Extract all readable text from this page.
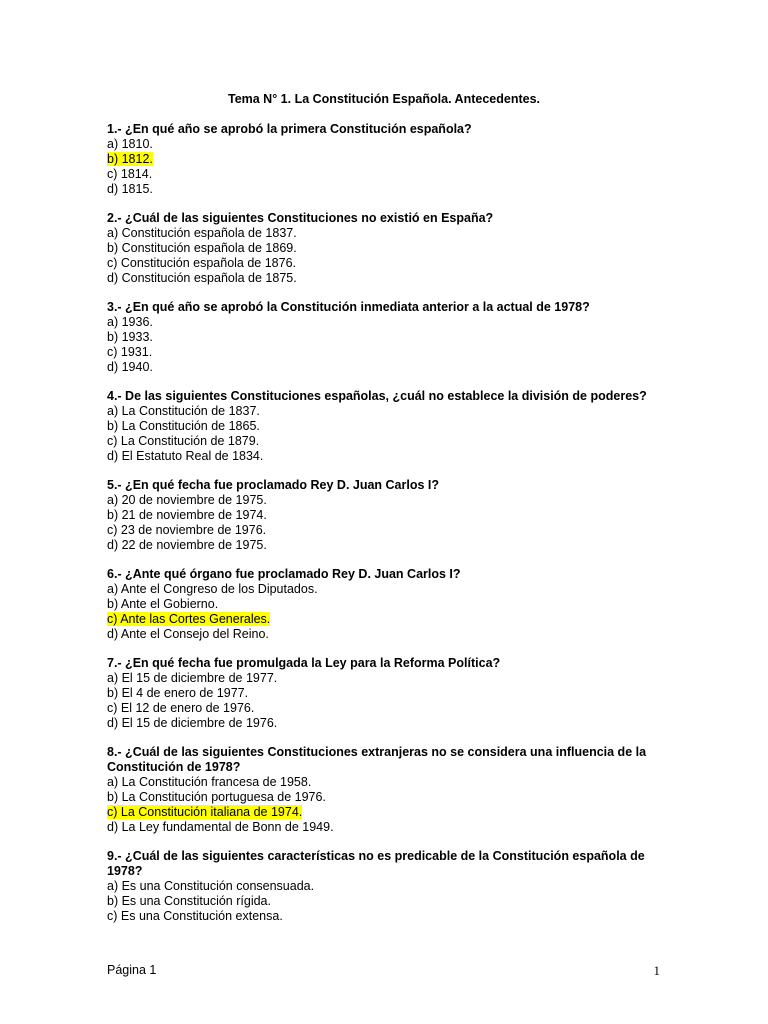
Tema N° 1. La Constitución Española. Antecedentes.
1.- ¿En qué año se aprobó la primera Constitución española?
a) 1810.
b) 1812.
c) 1814.
d) 1815.
2.- ¿Cuál de las siguientes Constituciones no existió en España?
a) Constitución española de 1837.
b) Constitución española de 1869.
c) Constitución española de 1876.
d) Constitución española de 1875.
3.- ¿En qué año se aprobó la Constitución inmediata anterior a la actual de 1978?
a) 1936.
b) 1933.
c) 1931.
d) 1940.
4.- De las siguientes Constituciones españolas, ¿cuál no establece la división de poderes?
a) La Constitución de 1837.
b) La Constitución de 1865.
c) La Constitución de 1879.
d) El Estatuto Real de 1834.
5.- ¿En qué fecha fue proclamado Rey D. Juan Carlos I?
a) 20 de noviembre de 1975.
b) 21 de noviembre de 1974.
c) 23 de noviembre de 1976.
d) 22 de noviembre de 1975.
6.- ¿Ante qué órgano fue proclamado Rey D. Juan Carlos I?
a) Ante el Congreso de los Diputados.
b) Ante el Gobierno.
c) Ante las Cortes Generales.
d) Ante el Consejo del Reino.
7.- ¿En qué fecha fue promulgada la Ley para la Reforma Política?
a) El 15 de diciembre de 1977.
b) El 4 de enero de 1977.
c) El 12 de enero de 1976.
d) El 15 de diciembre de 1976.
8.- ¿Cuál de las siguientes Constituciones extranjeras no se considera una influencia de la Constitución de 1978?
a) La Constitución francesa de 1958.
b) La Constitución portuguesa de 1976.
c) La Constitución italiana de 1974.
d) La Ley fundamental de Bonn de 1949.
9.- ¿Cuál de las siguientes características no es predicable de la Constitución española de 1978?
a) Es una Constitución consensuada.
b) Es una Constitución rígida.
c) Es una Constitución extensa.
Página 1	1
